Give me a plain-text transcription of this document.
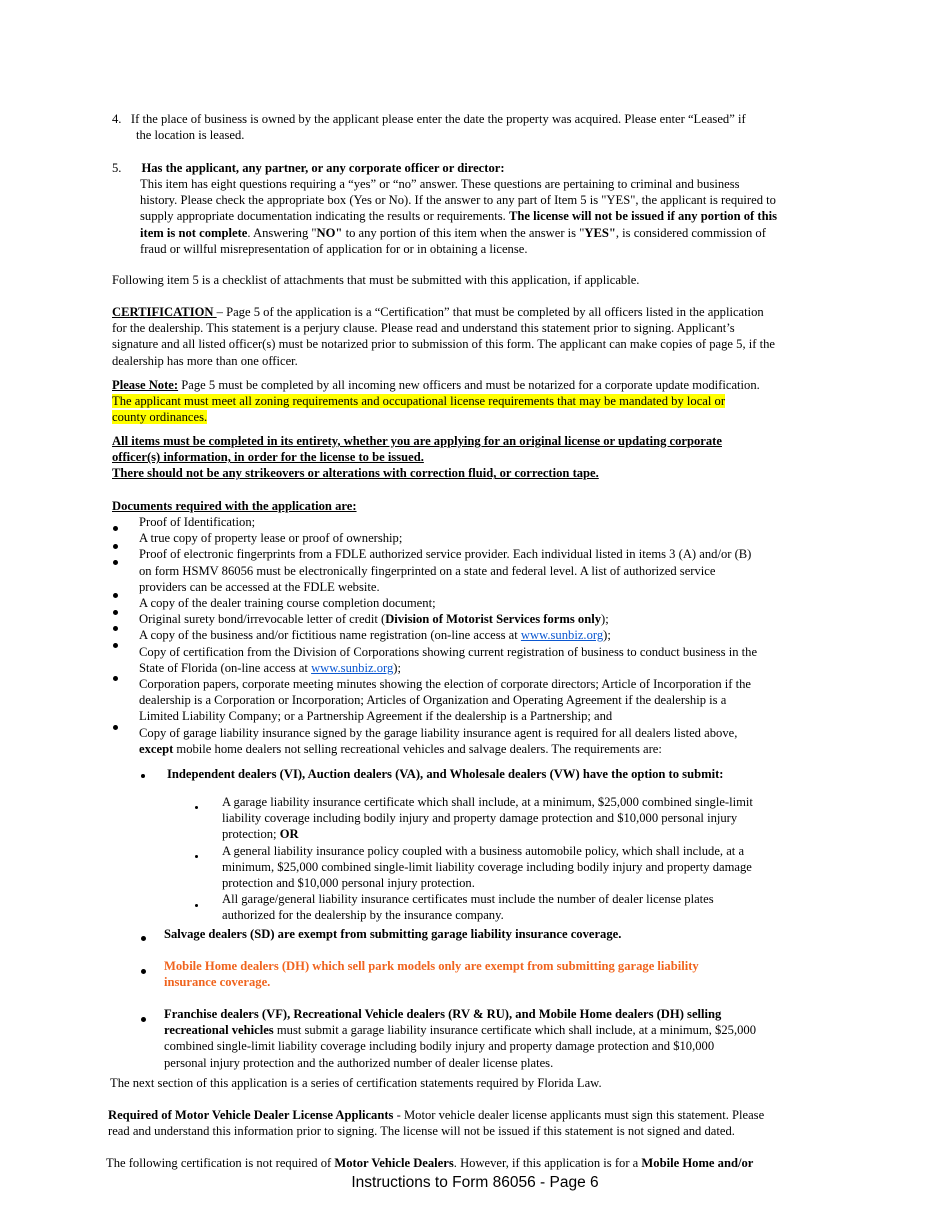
4. If the place of business is owned by the applicant please enter the date the property was acquired. Please enter “Leased” if

the location is leased.

5. Has the applicant, any partner, or any corporate officer or director:

This item has eight questions requiring a “yes” or “no” answer. These questions are pertaining to criminal and business

history. Please check the appropriate box (Yes or No). If the answer to any part of Item 5 is "YES", the applicant is required to

supply appropriate documentation indicating the results or requirements. The license will not be issued if any portion of this

item is not complete. Answering "NO" to any portion of this item when the answer is "YES", is considered commission of

fraud or willful misrepresentation of application for or in obtaining a license.

Following item 5 is a checklist of attachments that must be submitted with this application, if applicable.

CERTIFICATION – Page 5 of the application is a “Certification” that must be completed by all officers listed in the application

for the dealership. This statement is a perjury clause. Please read and understand this statement prior to signing. Applicant’s

signature and all listed officer(s) must be notarized prior to submission of this form. The applicant can make copies of page 5, if the

dealership has more than one officer.

Please Note: Page 5 must be completed by all incoming new officers and must be notarized for a corporate update modification.

The applicant must meet all zoning requirements and occupational license requirements that may be mandated by local or

county ordinances.

All items must be completed in its entirety, whether you are applying for an original license or updating corporate

officer(s) information, in order for the license to be issued.

There should not be any strikeovers or alterations with correction fluid, or correction tape.

Documents required with the application are:

Proof of Identification;

A true copy of property lease or proof of ownership;

Proof of electronic fingerprints from a FDLE authorized service provider. Each individual listed in items 3 (A) and/or (B)

on form HSMV 86056 must be electronically fingerprinted on a state and federal level. A list of authorized service

providers can be accessed at the FDLE website.

A copy of the dealer training course completion document;

Original surety bond/irrevocable letter of credit (Division of Motorist Services forms only);

A copy of the business and/or fictitious name registration (on-line access at www.sunbiz.org);

Copy of certification from the Division of Corporations showing current registration of business to conduct business in the

State of Florida (on-line access at www.sunbiz.org);

Corporation papers, corporate meeting minutes showing the election of corporate directors; Article of Incorporation if the

dealership is a Corporation or Incorporation; Articles of Organization and Operating Agreement if the dealership is a

Limited Liability Company; or a Partnership Agreement if the dealership is a Partnership; and

Copy of garage liability insurance signed by the garage liability insurance agent is required for all dealers listed above,

except mobile home dealers not selling recreational vehicles and salvage dealers. The requirements are:

Independent dealers (VI), Auction dealers (VA), and Wholesale dealers (VW) have the option to submit:

A garage liability insurance certificate which shall include, at a minimum, $25,000 combined single-limit

liability coverage including bodily injury and property damage protection and $10,000 personal injury

protection; OR

A general liability insurance policy coupled with a business automobile policy, which shall include, at a

minimum, $25,000 combined single-limit liability coverage including bodily injury and property damage

protection and $10,000 personal injury protection.

All garage/general liability insurance certificates must include the number of dealer license plates

authorized for the dealership by the insurance company.

Salvage dealers (SD) are exempt from submitting garage liability insurance coverage.

Mobile Home dealers (DH) which sell park models only are exempt from submitting garage liability

insurance coverage.

Franchise dealers (VF), Recreational Vehicle dealers (RV & RU), and Mobile Home dealers (DH) selling

recreational vehicles must submit a garage liability insurance certificate which shall include, at a minimum, $25,000

combined single-limit liability coverage including bodily injury and property damage protection and $10,000

personal injury protection and the authorized number of dealer license plates.

The next section of this application is a series of certification statements required by Florida Law.

Required of Motor Vehicle Dealer License Applicants - Motor vehicle dealer license applicants must sign this statement. Please

read and understand this information prior to signing. The license will not be issued if this statement is not signed and dated.

The following certification is not required of Motor Vehicle Dealers. However, if this application is for a Mobile Home and/or
Instructions to Form 86056 - Page 6
